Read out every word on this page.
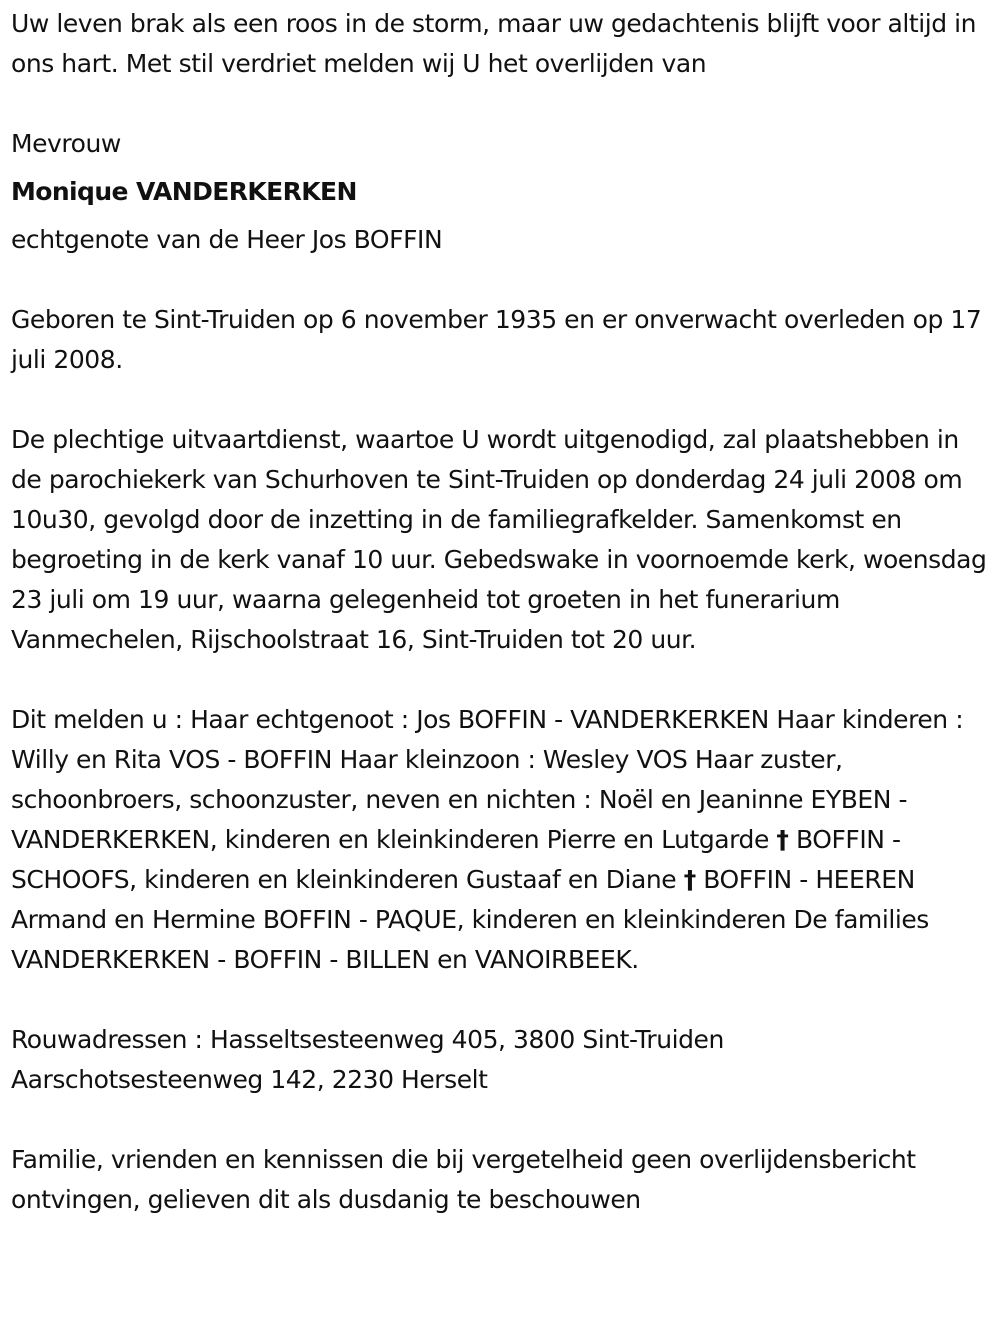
Uw leven brak als een roos in de storm, maar uw gedachtenis blijft voor altijd in ons hart. Met stil verdriet melden wij U het overlijden van

Mevrouw

Monique VANDERKERKEN

echtgenote van de Heer Jos BOFFIN

Geboren te Sint-Truiden op 6 november 1935 en er onverwacht overleden op 17 juli 2008.

De plechtige uitvaartdienst, waartoe U wordt uitgenodigd, zal plaatshebben in de parochiekerk van Schurhoven te Sint-Truiden op donderdag 24 juli 2008 om 10u30, gevolgd door de inzetting in de familiegrafkelder. Samenkomst en begroeting in de kerk vanaf 10 uur. Gebedswake in voornoemde kerk, woensdag 23 juli om 19 uur, waarna gelegenheid tot groeten in het funerarium Vanmechelen, Rijschoolstraat 16, Sint-Truiden tot 20 uur.

Dit melden u : Haar echtgenoot : Jos BOFFIN - VANDERKERKEN Haar kinderen : Willy en Rita VOS - BOFFIN Haar kleinzoon : Wesley VOS Haar zuster, schoonbroers, schoonzuster, neven en nichten : Noël en Jeaninne EYBEN - VANDERKERKEN, kinderen en kleinkinderen Pierre en Lutgarde † BOFFIN - SCHOOFS, kinderen en kleinkinderen Gustaaf en Diane † BOFFIN - HEEREN Armand en Hermine BOFFIN - PAQUE, kinderen en kleinkinderen De families VANDERKERKEN - BOFFIN - BILLEN en VANOIRBEEK.

Rouwadressen : Hasseltsesteenweg 405, 3800 Sint-Truiden
Aarschotsesteenweg 142, 2230 Herselt

Familie, vrienden en kennissen die bij vergetelheid geen overlijdensbericht ontvingen, gelieven dit als dusdanig te beschouwen
